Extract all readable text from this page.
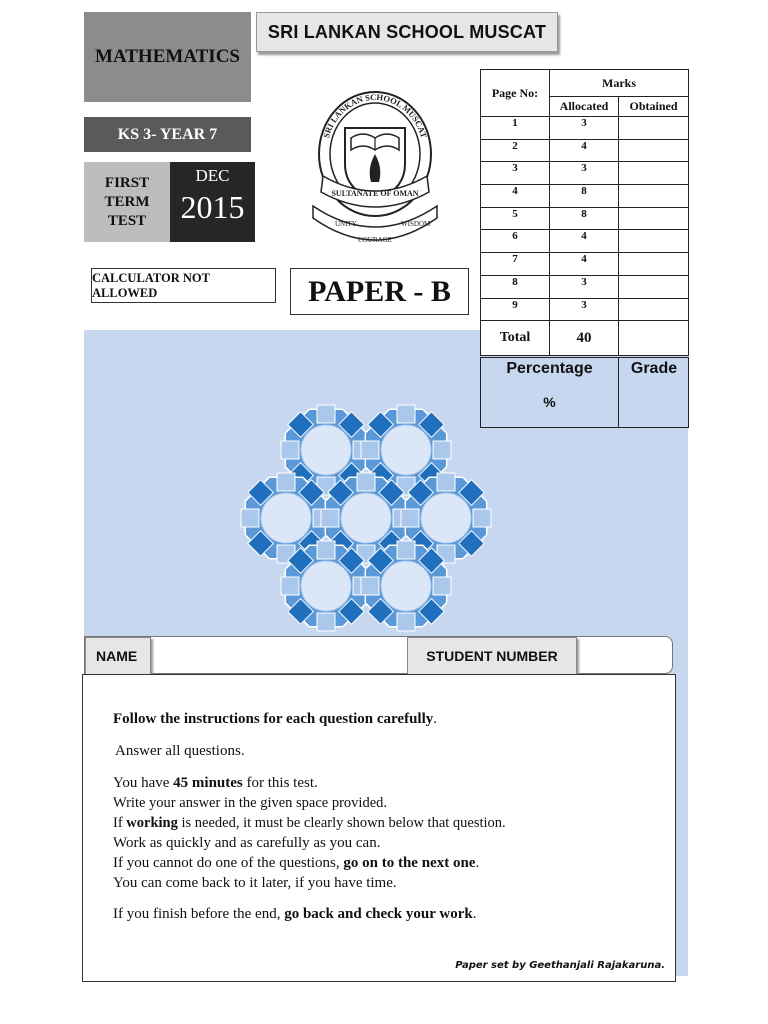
MATHEMATICS
SRI LANKAN SCHOOL MUSCAT
KS 3- YEAR 7
FIRST
TERM
TEST
DEC
2015
SRI LANKAN SCHOOL MUSCAT
SULTANATE OF OMAN
UNITY
COURAGE
WISDOM
CALCULATOR NOT ALLOWED	PAPER - B
Page No:	Marks	
	Allocated	Obtained
1	3	
2	4	
3	3	
4	8	
5	8	
6	4	
7	4	
8	3	
9	3	
Total	40	
Percentage
%
Grade
NAME	STUDENT NUMBER
Follow the instructions for each question carefully.
Answer all questions.
You have 45 minutes for this test.
Write your answer in the given space provided.
If working is needed, it must be clearly shown below that question.
Work as quickly and as carefully as you can.
If you cannot do one of the questions, go on to the next one.
You can come back to it later, if you have time.
If you finish before the end, go back and check your work.
Paper set by Geethanjali Rajakaruna.
